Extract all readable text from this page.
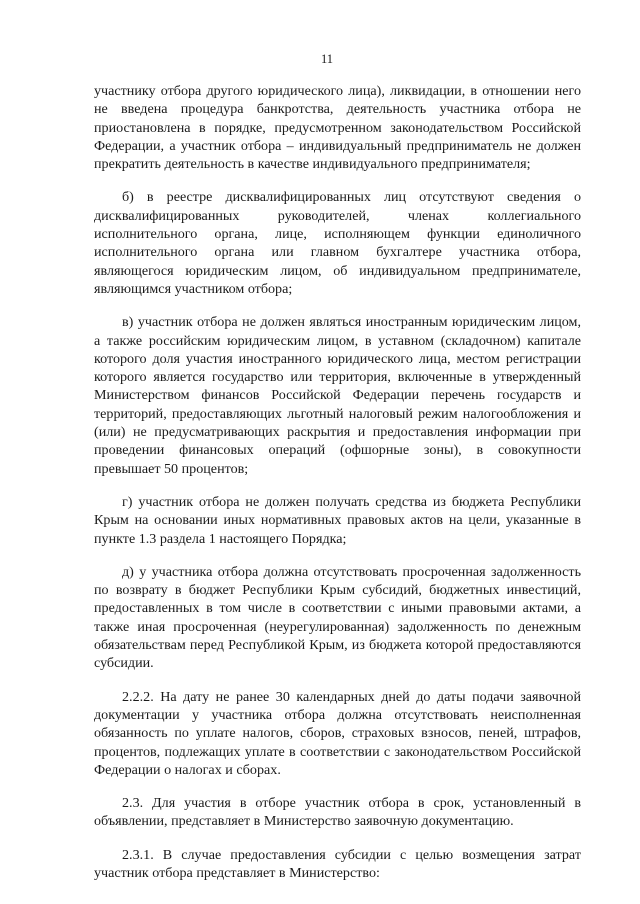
11

участнику отбора другого юридического лица), ликвидации, в отношении него не введена процедура банкротства, деятельность участника отбора не приостановлена в порядке, предусмотренном законодательством Российской Федерации, а участник отбора – индивидуальный предприниматель не должен прекратить деятельность в качестве индивидуального предпринимателя;

б) в реестре дисквалифицированных лиц отсутствуют сведения о дисквалифицированных руководителей, членах коллегиального исполнительного органа, лице, исполняющем функции единоличного исполнительного органа или главном бухгалтере участника отбора, являющегося юридическим лицом, об индивидуальном предпринимателе, являющимся участником отбора;

в) участник отбора не должен являться иностранным юридическим лицом, а также российским юридическим лицом, в уставном (складочном) капитале которого доля участия иностранного юридического лица, местом регистрации которого является государство или территория, включенные в утвержденный Министерством финансов Российской Федерации перечень государств и территорий, предоставляющих льготный налоговый режим налогообложения и (или) не предусматривающих раскрытия и предоставления информации при проведении финансовых операций (офшорные зоны), в совокупности превышает 50 процентов;

г) участник отбора не должен получать средства из бюджета Республики Крым на основании иных нормативных правовых актов на цели, указанные в пункте 1.3 раздела 1 настоящего Порядка;

д) у участника отбора должна отсутствовать просроченная задолженность по возврату в бюджет Республики Крым субсидий, бюджетных инвестиций, предоставленных в том числе в соответствии с иными правовыми актами, а также иная просроченная (неурегулированная) задолженность по денежным обязательствам перед Республикой Крым, из бюджета которой предоставляются субсидии.

2.2.2. На дату не ранее 30 календарных дней до даты подачи заявочной документации у участника отбора должна отсутствовать неисполненная обязанность по уплате налогов, сборов, страховых взносов, пеней, штрафов, процентов, подлежащих уплате в соответствии с законодательством Российской Федерации о налогах и сборах.

2.3. Для участия в отборе участник отбора в срок, установленный в объявлении, представляет в Министерство заявочную документацию.

2.3.1. В случае предоставления субсидии с целью возмещения затрат участник отбора представляет в Министерство:
